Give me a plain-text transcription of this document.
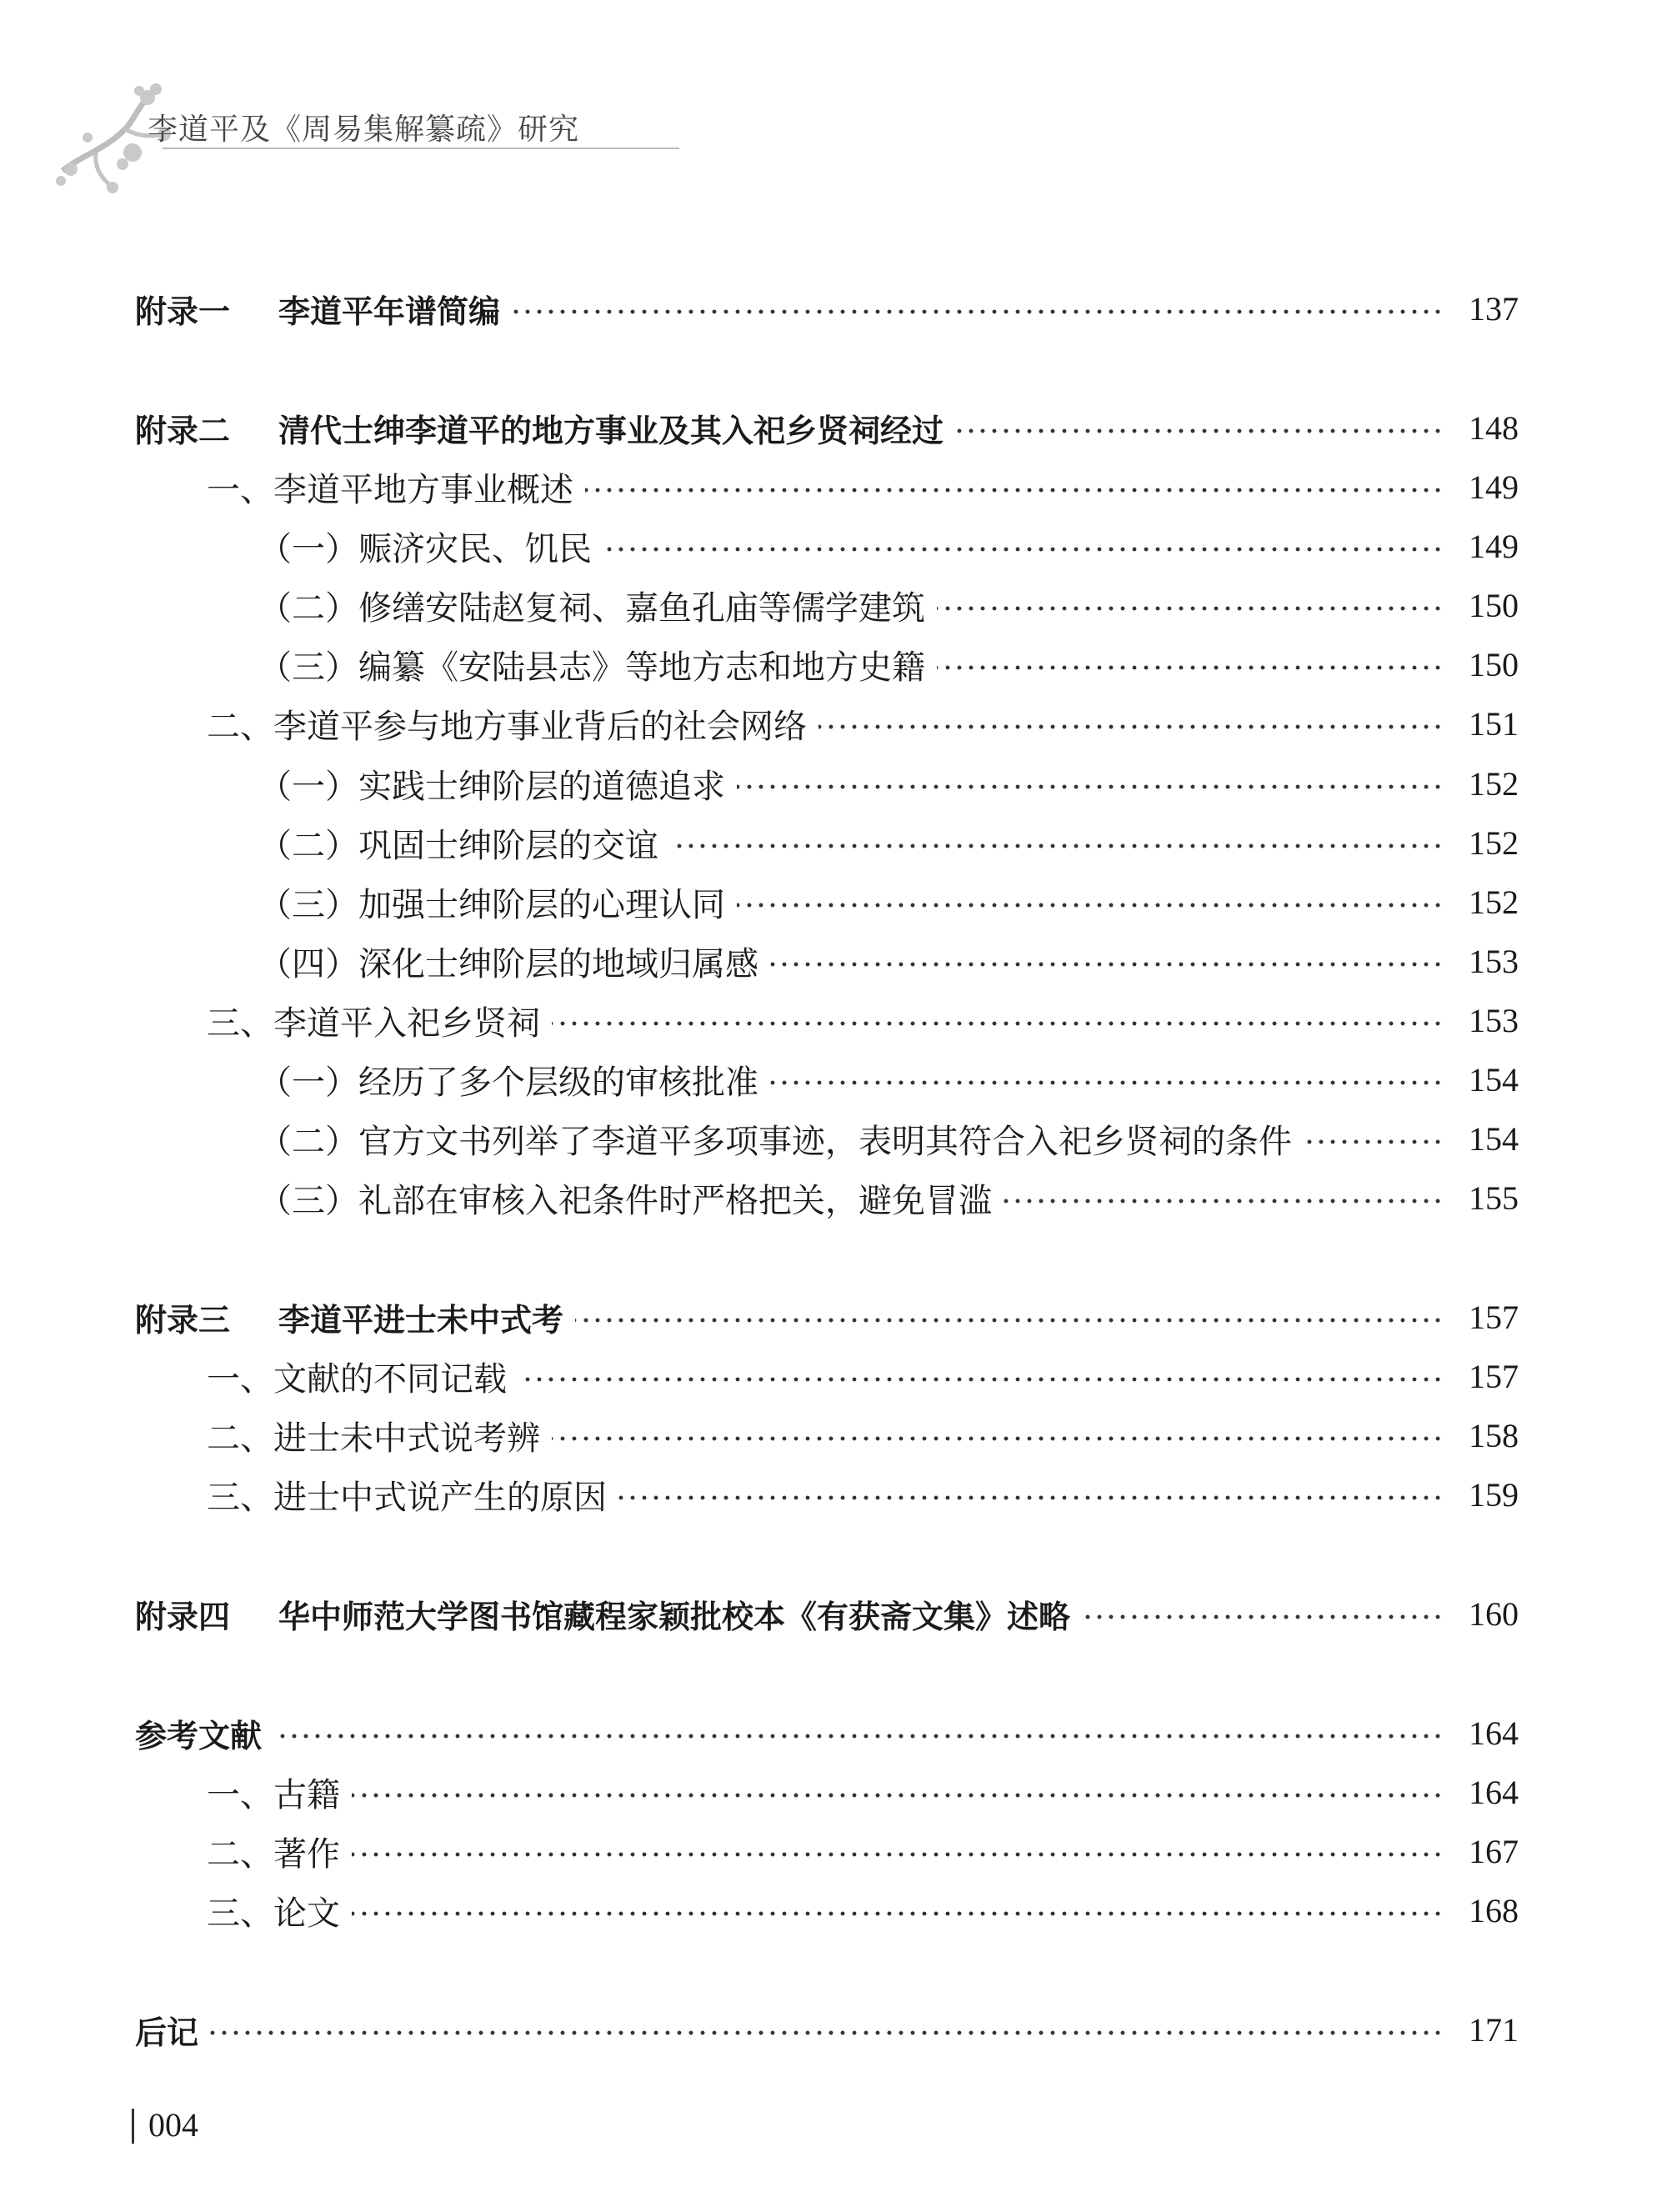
李道平及《周易集解纂疏》研究
附录一 李道平年谱简编	137
附录二 清代士绅李道平的地方事业及其入祀乡贤祠经过	148
一、李道平地方事业概述	149
（一）赈济灾民、饥民	149
（二）修缮安陆赵复祠、嘉鱼孔庙等儒学建筑	150
（三）编纂《安陆县志》等地方志和地方史籍	150
二、李道平参与地方事业背后的社会网络	151
（一）实践士绅阶层的道德追求	152
（二）巩固士绅阶层的交谊	152
（三）加强士绅阶层的心理认同	152
（四）深化士绅阶层的地域归属感	153
三、李道平入祀乡贤祠	153
（一）经历了多个层级的审核批准	154
（二）官方文书列举了李道平多项事迹，表明其符合入祀乡贤祠的条件	154
（三）礼部在审核入祀条件时严格把关，避免冒滥	155
附录三 李道平进士未中式考	157
一、文献的不同记载	157
二、进士未中式说考辨	158
三、进士中式说产生的原因	159
附录四 华中师范大学图书馆藏程家颖批校本《有获斋文集》述略	160
参考文献	164
一、古籍	164
二、著作	167
三、论文	168
后记	171
004
